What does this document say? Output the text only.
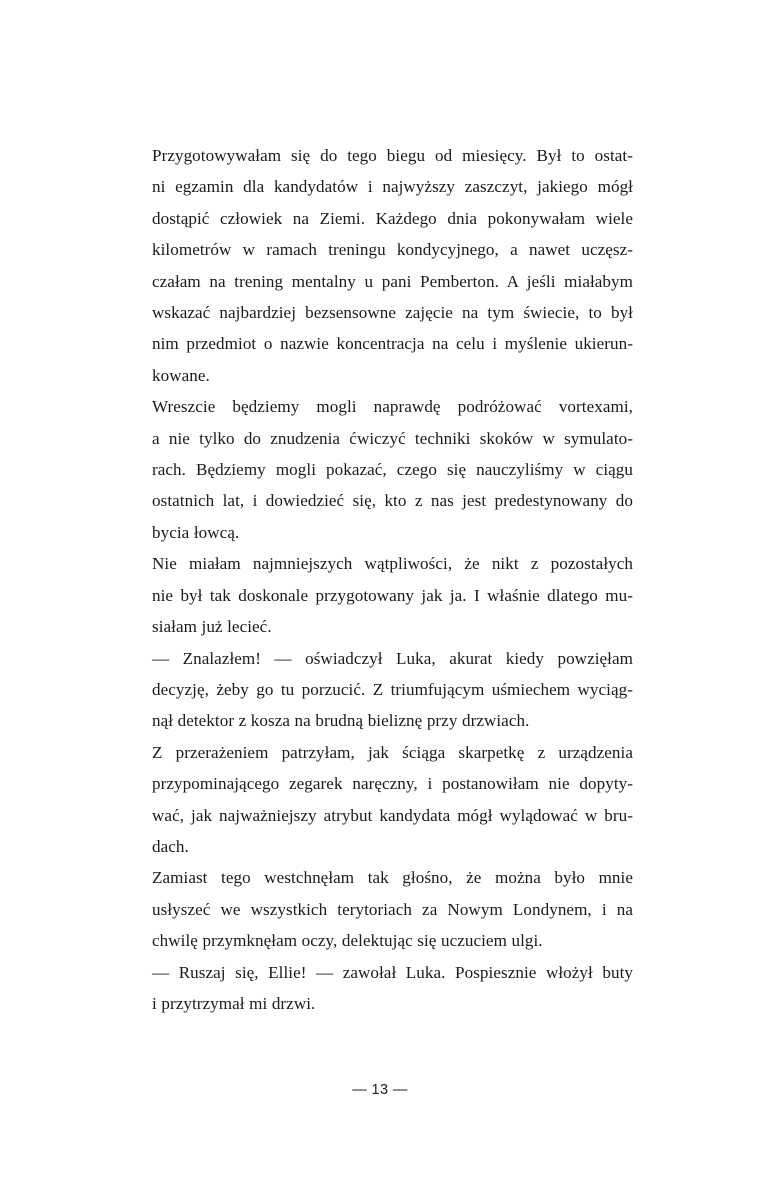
Przygotowywałam się do tego biegu od miesięcy. Był to ostat-
ni egzamin dla kandydatów i najwyższy zaszczyt, jakiego mógł
dostąpić człowiek na Ziemi. Każdego dnia pokonywałam wiele
kilometrów w ramach treningu kondycyjnego, a nawet uczęsz-
czałam na trening mentalny u pani Pemberton. A jeśli miałabym
wskazać najbardziej bezsensowne zajęcie na tym świecie, to był
nim przedmiot o nazwie koncentracja na celu i myślenie ukierun-
kowane.

Wreszcie będziemy mogli naprawdę podróżować vortexami,
a nie tylko do znudzenia ćwiczyć techniki skoków w symulato-
rach. Będziemy mogli pokazać, czego się nauczyliśmy w ciągu
ostatnich lat, i dowiedzieć się, kto z nas jest predestynowany do
bycia łowcą.

Nie miałam najmniejszych wątpliwości, że nikt z pozostałych
nie był tak doskonale przygotowany jak ja. I właśnie dlatego mu-
siałam już lecieć.

— Znalazłem! — oświadczył Luka, akurat kiedy powzięłam
decyzję, żeby go tu porzucić. Z triumfującym uśmiechem wyciąg-
nął detektor z kosza na brudną bieliznę przy drzwiach.

Z przerażeniem patrzyłam, jak ściąga skarpetkę z urządzenia
przypominającego zegarek naręczny, i postanowiłam nie dopyty-
wać, jak najważniejszy atrybut kandydata mógł wylądować w bru-
dach.

Zamiast tego westchnęłam tak głośno, że można było mnie
usłyszeć we wszystkich terytoriach za Nowym Londynem, i na
chwilę przymknęłam oczy, delektując się uczuciem ulgi.

— Ruszaj się, Ellie! — zawołał Luka. Pospiesznie włożył buty
i przytrzymał mi drzwi.

— 13 —
